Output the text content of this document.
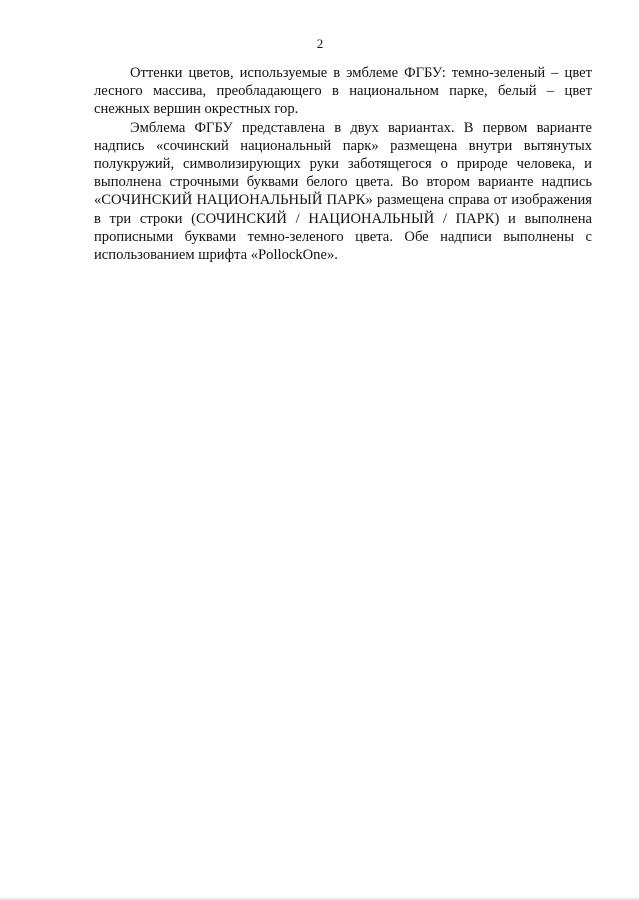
2

Оттенки цветов, используемые в эмблеме ФГБУ: темно-зеленый – цвет лесного массива, преобладающего в национальном парке, белый – цвет снежных вершин окрестных гор.

Эмблема ФГБУ представлена в двух вариантах. В первом варианте надпись «сочинский национальный парк» размещена внутри вытянутых полукружий, символизирующих руки заботящегося о природе человека, и выполнена строчными буквами белого цвета. Во втором варианте надпись «СОЧИНСКИЙ НАЦИОНАЛЬНЫЙ ПАРК» размещена справа от изображения в три строки (СОЧИНСКИЙ / НАЦИОНАЛЬНЫЙ / ПАРК) и выполнена прописными буквами темно-зеленого цвета. Обе надписи выполнены с использованием шрифта «PollockOne».
